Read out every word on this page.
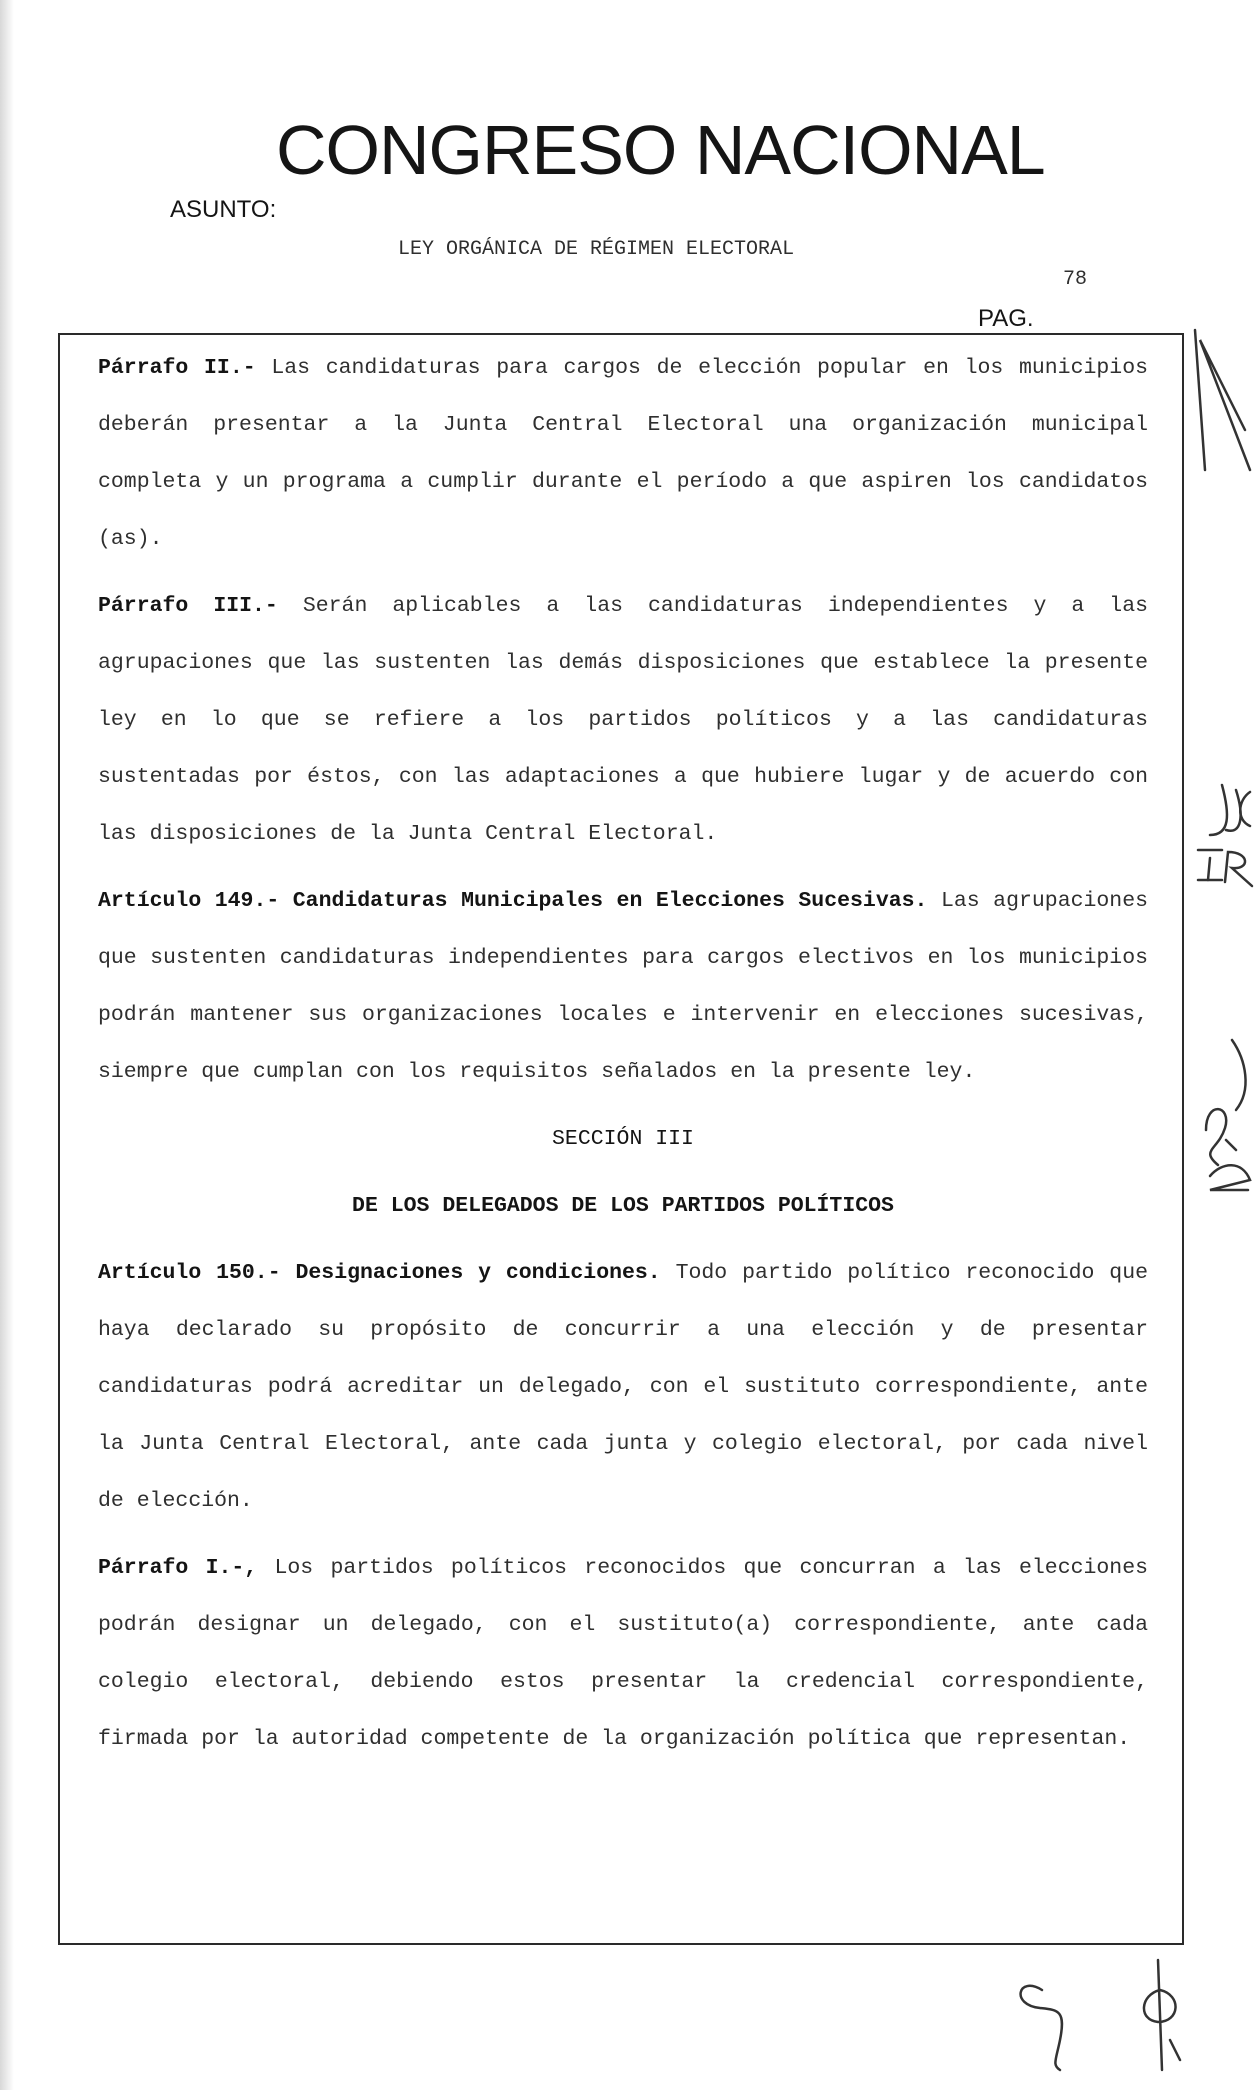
CONGRESO NACIONAL
ASUNTO:
LEY ORGÁNICA DE RÉGIMEN ELECTORAL
78
PAG.

Párrafo II.- Las candidaturas para cargos de elección popular en los municipios deberán presentar a la Junta Central Electoral una organización municipal completa y un programa a cumplir durante el período a que aspiren los candidatos (as).

Párrafo III.- Serán aplicables a las candidaturas independientes y a las agrupaciones que las sustenten las demás disposiciones que establece la presente ley en lo que se refiere a los partidos políticos y a las candidaturas sustentadas por éstos, con las adaptaciones a que hubiere lugar y de acuerdo con las disposiciones de la Junta Central Electoral.

Artículo 149.- Candidaturas Municipales en Elecciones Sucesivas. Las agrupaciones que sustenten candidaturas independientes para cargos electivos en los municipios podrán mantener sus organizaciones locales e intervenir en elecciones sucesivas, siempre que cumplan con los requisitos señalados en la presente ley.

SECCIÓN III

DE LOS DELEGADOS DE LOS PARTIDOS POLÍTICOS

Artículo 150.- Designaciones y condiciones. Todo partido político reconocido que haya declarado su propósito de concurrir a una elección y de presentar candidaturas podrá acreditar un delegado, con el sustituto correspondiente, ante la Junta Central Electoral, ante cada junta y colegio electoral, por cada nivel de elección.

Párrafo I.-, Los partidos políticos reconocidos que concurran a las elecciones podrán designar un delegado, con el sustituto(a) correspondiente, ante cada colegio electoral, debiendo estos presentar la credencial correspondiente, firmada por la autoridad competente de la organización política que representan.
